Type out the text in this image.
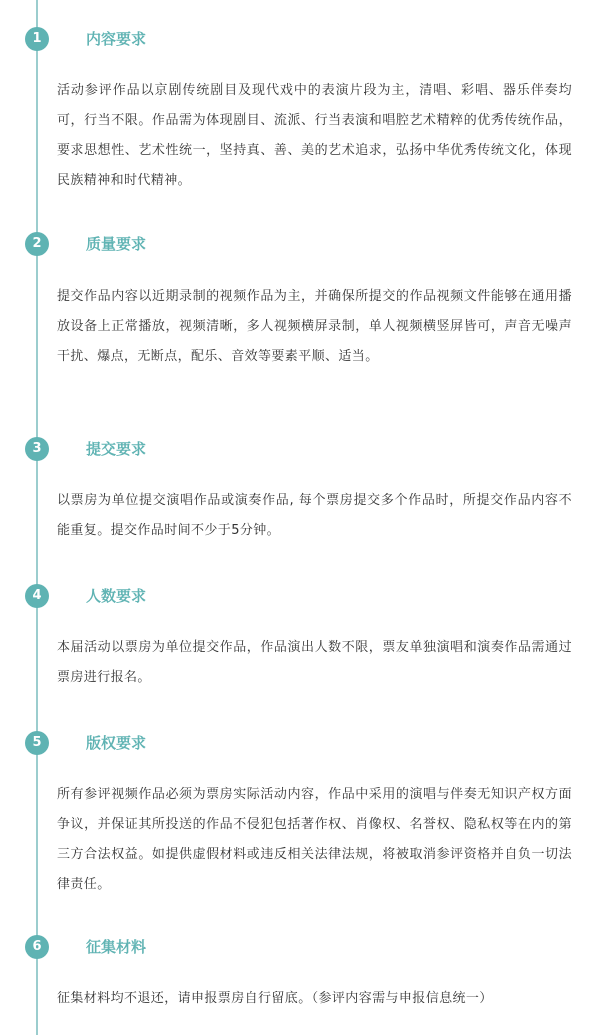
1	内容要求
活动参评作品以京剧传统剧目及现代戏中的表演片段为主，清唱、彩唱、器乐伴奏均可，行当不限。作品需为体现剧目、流派、行当表演和唱腔艺术精粹的优秀传统作品，要求思想性、艺术性统一，坚持真、善、美的艺术追求，弘扬中华优秀传统文化，体现民族精神和时代精神。
2	质量要求
提交作品内容以近期录制的视频作品为主，并确保所提交的作品视频文件能够在通用播放设备上正常播放，视频清晰，多人视频横屏录制，单人视频横竖屏皆可，声音无噪声干扰、爆点，无断点，配乐、音效等要素平顺、适当。
3	提交要求
以票房为单位提交演唱作品或演奏作品, 每个票房提交多个作品时，所提交作品内容不能重复。提交作品时间不少于5分钟。
4	人数要求
本届活动以票房为单位提交作品，作品演出人数不限，票友单独演唱和演奏作品需通过票房进行报名。
5	版权要求
所有参评视频作品必须为票房实际活动内容，作品中采用的演唱与伴奏无知识产权方面争议，并保证其所投送的作品不侵犯包括著作权、肖像权、名誉权、隐私权等在内的第三方合法权益。如提供虚假材料或违反相关法律法规，将被取消参评资格并自负一切法律责任。
6	征集材料
征集材料均不退还，请申报票房自行留底。（参评内容需与申报信息统一）
